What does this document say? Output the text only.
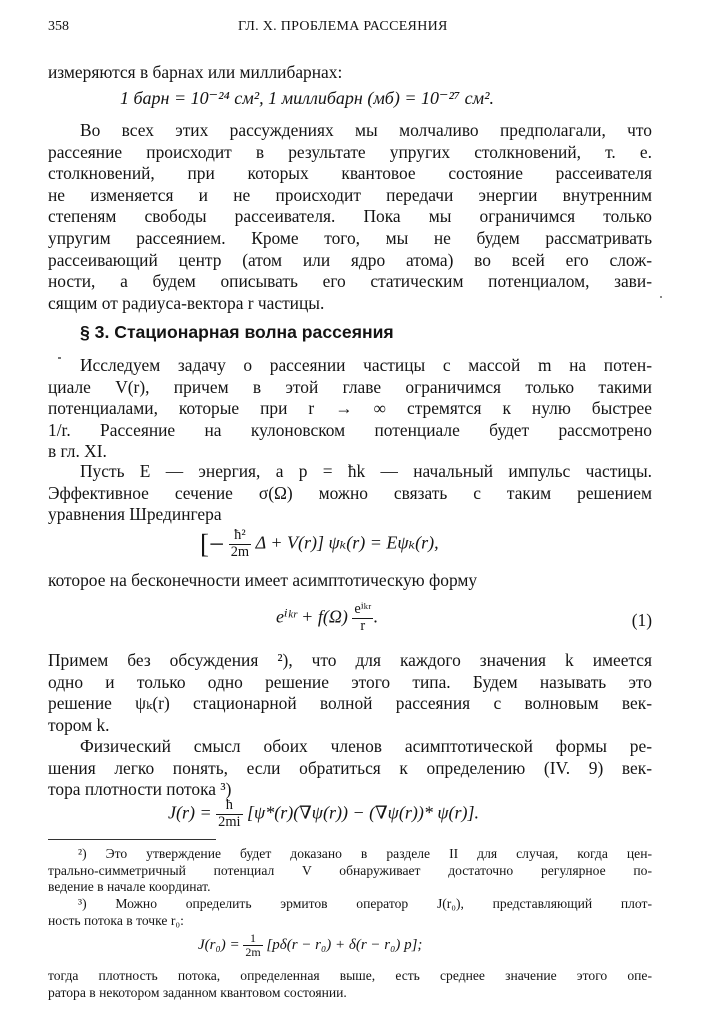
358	ГЛ. X. ПРОБЛЕМА РАССЕЯНИЯ
измеряются в барнах или миллибарнах:
1 барн = 10⁻²⁴ см², 1 миллибарн (мб) = 10⁻²⁷ см².
Во всех этих рассуждениях мы молчаливо предполагали, что
рассеяние происходит в результате упругих столкновений, т. е.
столкновений, при которых квантовое состояние рассеивателя
не изменяется и не происходит передачи энергии внутренним
степеням свободы рассеивателя. Пока мы ограничимся только
упругим рассеянием. Кроме того, мы не будем рассматривать
рассеивающий центр (атом или ядро атома) во всей его слож-
ности, а будем описывать его статическим потенциалом, зави-
сящим от радиуса-вектора r частицы.
§ 3. Стационарная волна рассеяния
Исследуем задачу о рассеянии частицы с массой m на потен-
циале V(r), причем в этой главе ограничимся только такими
потенциалами, которые при r → ∞ стремятся к нулю быстрее
1/r. Рассеяние на кулоновском потенциале будет рассмотрено
в гл. XI.
Пусть E — энергия, а p = ħk — начальный импульс частицы.
Эффективное сечение σ(Ω) можно связать с таким решением
уравнения Шредингера
[− $\frac{\text{ħ²}}{2m}$ Δ + V(r)] ψₖ(r) = Eψₖ(r),
которое на бесконечности имеет асимптотическую форму
eⁱᵏʳ + $f(\Omega) \frac{\text{eⁱᵏʳ}}{r}$ .	(1)
Примем без обсуждения ²), что для каждого значения k имеется
одно и только одно решение этого типа. Будем называть это
решение ψₖ(r) стационарной волной рассеяния с волновым век-
тором k.
Физический смысл обоих членов асимптотической формы ре-
шения легко понять, если обратиться к определению (IV. 9) век-
тора плотности потока ³)
$J(r) = \frac{ħ}{2mi} [\psi*(r)(\nabla\psi(r)) - (\nabla\psi(r))*$ ψ(r)].
²) Это утверждение будет доказано в разделе II для случая, когда цен-
трально-симметричный потенциал V обнаруживает достаточно регулярное по-
ведение в начале координат.
³) Можно определить эрмитов оператор J(r₀), представляющий плот-
ность потока в точке r₀:
$J(r_0) = \frac{1}{2m} [p\delta(r - r_0) + \delta(r - r_0)$ p];
тогда плотность потока, определенная выше, есть среднее значение этого опе-
ратора в некотором заданном квантовом состоянии.
